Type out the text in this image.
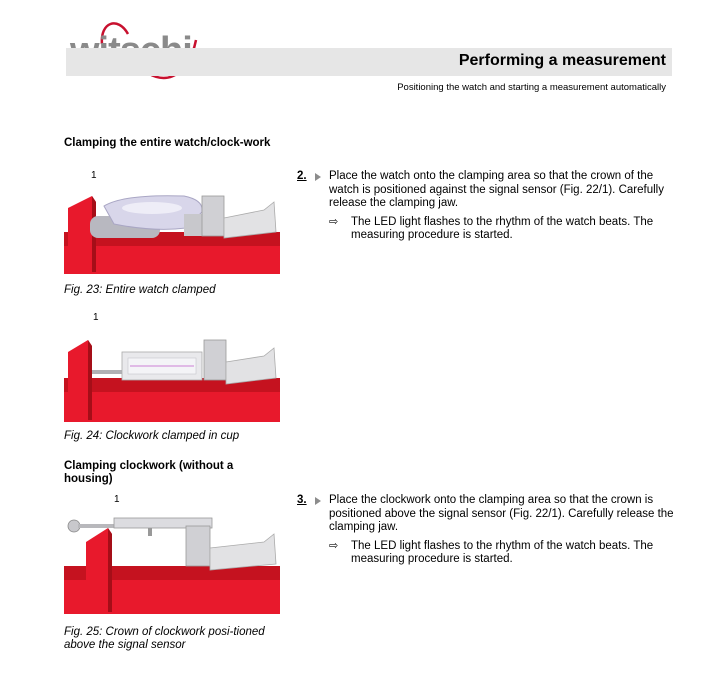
Performing a measurement
Positioning the watch and starting a measurement automatically
Clamping the entire watch/clock-work
1
Fig. 23: Entire watch clamped
1
Fig. 24: Clockwork clamped in cup
Clamping clockwork (without a housing)
1
Fig. 25: Crown of clockwork posi-tioned above the signal sensor
2. Place the watch onto the clamping area so that the crown of the watch is positioned against the signal sensor (Fig. 22/1). Carefully release the clamping jaw.
⇨ The LED light flashes to the rhythm of the watch beats. The measuring procedure is started.
3. Place the clockwork onto the clamping area so that the crown is positioned above the signal sensor (Fig. 22/1). Carefully release the clamping jaw.
⇨ The LED light flashes to the rhythm of the watch beats. The measuring procedure is started.
